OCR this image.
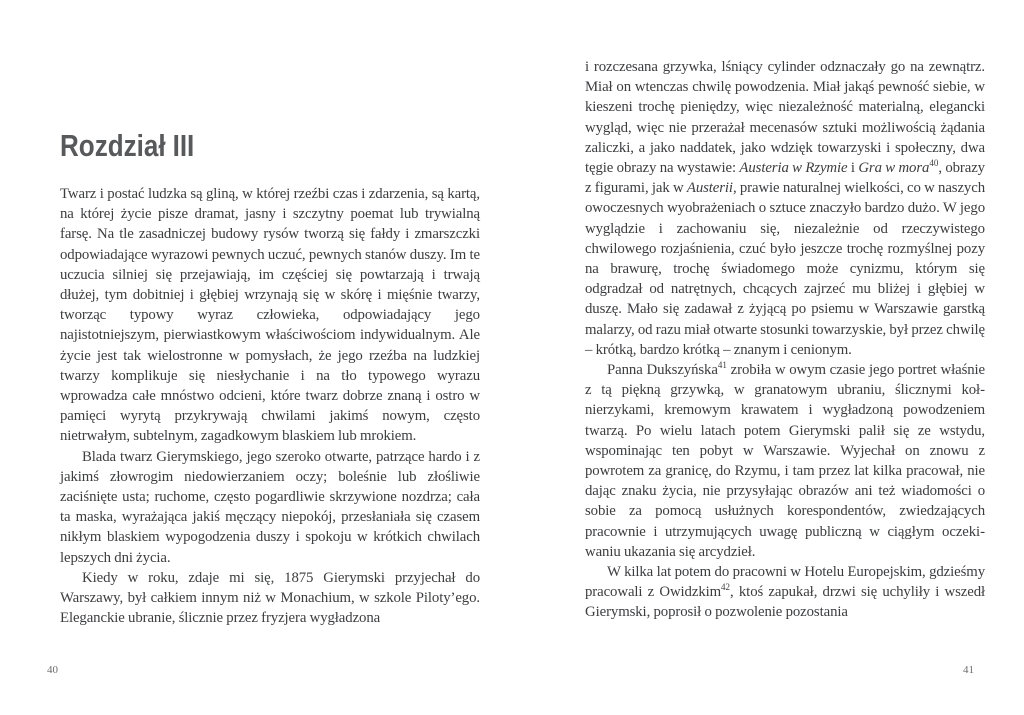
Rozdział III

Twarz i postać ludzka są gliną, w której rzeźbi czas i zdarzenia, są kartą, na której życie pisze dramat, jasny i szczytny poemat lub trywialną farsę. Na tle zasadniczej budowy rysów tworzą się fałdy i zmarszczki odpowiadające wyrazowi pewnych uczuć, pewnych stanów duszy. Im te uczucia silniej się przejawiają, im częściej się powtarzają i trwają dłużej, tym dobitniej i głębiej wrzynają się w skórę i mięśnie twarzy, tworząc typowy wyraz człowieka, odpowiadający jego najistotniejszym, pierwiastkowym właściwościom indywidualnym. Ale życie jest tak wielostronne w pomysłach, że jego rzeźba na ludzkiej twarzy komplikuje się niesłychanie i na tło typowego wyrazu wprowadza całe mnóstwo odcieni, które twarz dobrze znaną i ostro w pamięci wyrytą przykrywają chwilami jakimś nowym, często nietrwałym, subtelnym, zagadkowym blaskiem lub mrokiem.

Blada twarz Gierymskiego, jego szeroko otwarte, patrzące hardo i z jakimś złowrogim niedowierzaniem oczy; boleśnie lub złośliwie zaciśnięte usta; ruchome, często pogardliwie skrzywione nozdrza; cała ta maska, wyrażająca jakiś męczący niepokój, przesłaniała się czasem nikłym blaskiem wypogodzenia duszy i spokoju w krótkich chwilach lepszych dni życia.

Kiedy w roku, zdaje mi się, 1875 Gierymski przyjechał do Warszawy, był całkiem innym niż w Monachium, w szkole Piloty’ego. Eleganckie ubranie, ślicznie przez fryzjera wygładzona

i rozczesana grzywka, lśniący cylinder odznaczały go na zewnątrz. Miał on wtenczas chwilę powodzenia. Miał jakąś pewność siebie, w kieszeni trochę pieniędzy, więc niezależność materialną, elegancki wygląd, więc nie przerażał mecenasów sztuki możliwością żądania zaliczki, a jako naddatek, jako wdzięk towarzyski i społeczny, dwa tęgie obrazy na wystawie: Austeria w Rzymie i Gra w mora$^{40}$, obrazy z figurami, jak w Austerii, prawie naturalnej wielkości, co w naszych owoczesnych wyobrażeniach o sztuce znaczyło bardzo dużo. W jego wyglądzie i zachowaniu się, niezależnie od rzeczywistego chwilowego rozjaśnienia, czuć było jeszcze trochę rozmyślnej pozy na brawurę, trochę świadomego może cynizmu, którym się odgradzał od natrętnych, chcących zajrzeć mu bliżej i głębiej w duszę. Mało się zadawał z żyjącą po psiemu w Warszawie garstką malarzy, od razu miał otwarte stosunki towarzyskie, był przez chwilę – krótką, bardzo krótką – znanym i cenionym.

Panna Dukszyńska$^{41}$ zrobiła w owym czasie jego portret właśnie z tą piękną grzywką, w granatowym ubraniu, ślicznymi kołnierzykami, kremowym krawatem i wygładzoną powodzeniem twarzą. Po wielu latach potem Gierymski palił się ze wstydu, wspominając ten pobyt w Warszawie. Wyjechał on znowu z powrotem za granicę, do Rzymu, i tam przez lat kilka pracował, nie dając znaku życia, nie przysyłając obrazów ani też wiadomości o sobie za pomocą usłużnych korespondentów, zwiedzających pracownie i utrzymujących uwagę publiczną w ciągłym oczekiwaniu ukazania się arcydzieł.

W kilka lat potem do pracowni w Hotelu Europejskim, gdzieśmy pracowali z Owidzkim$^{42}$, ktoś zapukał, drzwi się uchyliły i wszedł Gierymski, poprosił o pozwolenie pozostania

40	41
